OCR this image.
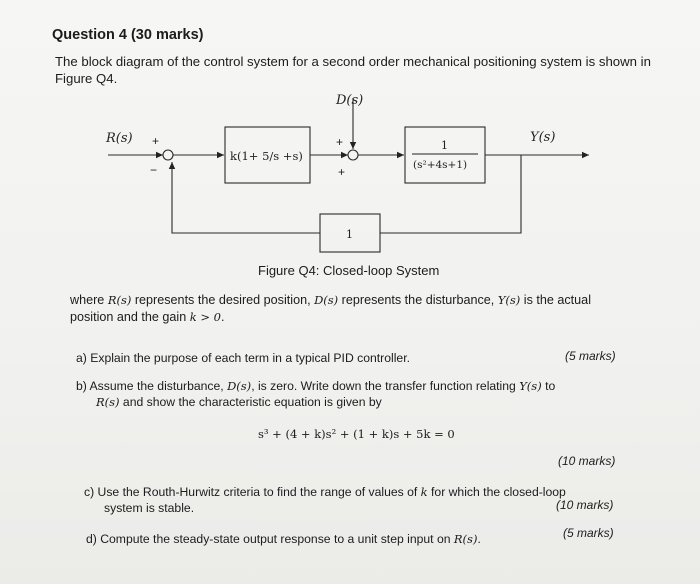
Question 4 (30 marks)
The block diagram of the control system for a second order mechanical positioning system is shown in Figure Q4.
D(s)
R(s)	Y(s)
+
−
+
+
k(1+ 5/s +s)
1
(s²+4s+1)
1
Figure Q4: Closed-loop System
where R(s) represents the desired position, D(s) represents the disturbance, Y(s) is the actual position and the gain k > 0.
a) Explain the purpose of each term in a typical PID controller.	(5 marks)
b) Assume the disturbance, D(s), is zero. Write down the transfer function relating Y(s) to
R(s) and show the characteristic equation is given by
s³ + (4 + k)s² + (1 + k)s + 5k = 0
(10 marks)
c) Use the Routh-Hurwitz criteria to find the range of values of k for which the closed-loop
system is stable.	(10 marks)
d) Compute the steady-state output response to a unit step input on R(s).	(5 marks)
